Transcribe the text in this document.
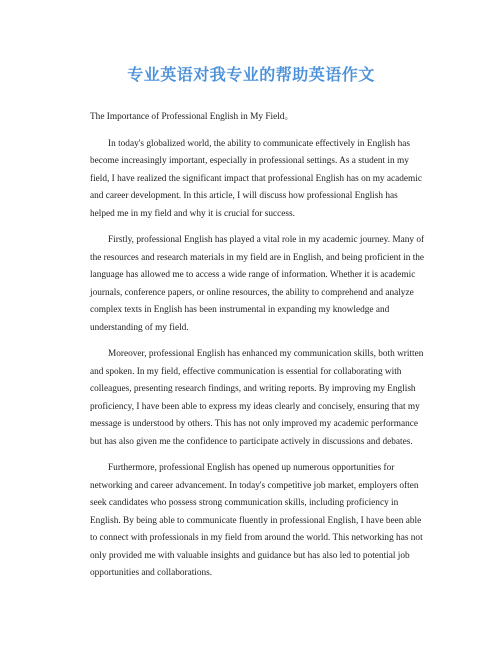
专业英语对我专业的帮助英语作文

The Importance of Professional English in My Field。

In today's globalized world, the ability to communicate effectively in English has
become increasingly important, especially in professional settings. As a student in my
field, I have realized the significant impact that professional English has on my academic
and career development. In this article, I will discuss how professional English has
helped me in my field and why it is crucial for success.

Firstly, professional English has played a vital role in my academic journey. Many of
the resources and research materials in my field are in English, and being proficient in the
language has allowed me to access a wide range of information. Whether it is academic
journals, conference papers, or online resources, the ability to comprehend and analyze
complex texts in English has been instrumental in expanding my knowledge and
understanding of my field.

Moreover, professional English has enhanced my communication skills, both written
and spoken. In my field, effective communication is essential for collaborating with
colleagues, presenting research findings, and writing reports. By improving my English
proficiency, I have been able to express my ideas clearly and concisely, ensuring that my
message is understood by others. This has not only improved my academic performance
but has also given me the confidence to participate actively in discussions and debates.

Furthermore, professional English has opened up numerous opportunities for
networking and career advancement. In today's competitive job market, employers often
seek candidates who possess strong communication skills, including proficiency in
English. By being able to communicate fluently in professional English, I have been able
to connect with professionals in my field from around the world. This networking has not
only provided me with valuable insights and guidance but has also led to potential job
opportunities and collaborations.
